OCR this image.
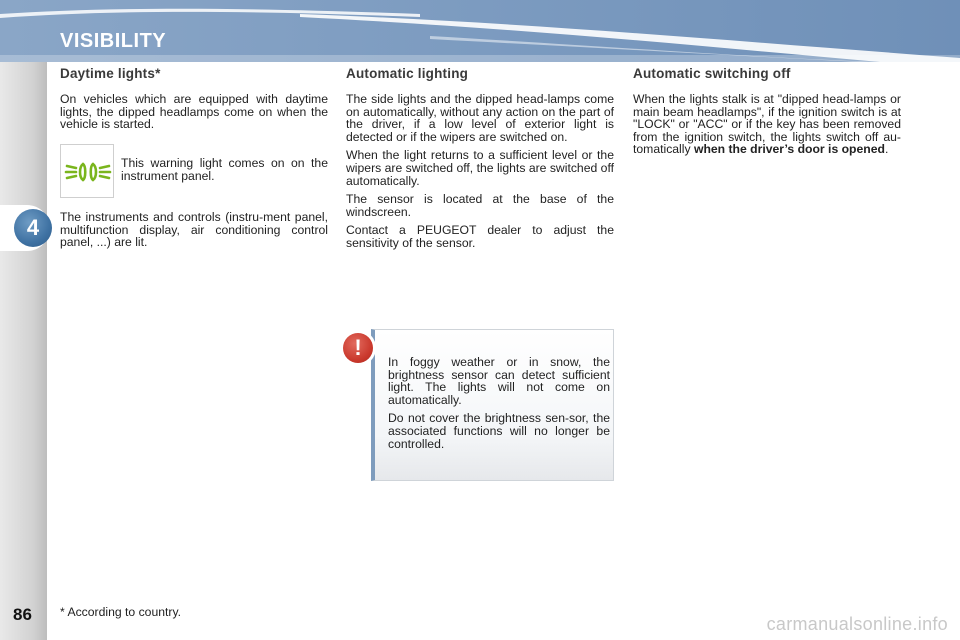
VISIBILITY
4
86
Daytime lights*

On vehicles which are equipped with daytime lights, the dipped headlamps come on when the vehicle is started.

This warning light comes on on the instrument panel.

The instruments and controls (instru-ment panel, multifunction display, air conditioning control panel, ...) are lit.

Automatic lighting

The side lights and the dipped head-lamps come on automatically, without any action on the part of the driver, if a low level of exterior light is detected or if the wipers are switched on.

When the light returns to a sufficient level or the wipers are switched off, the lights are switched off automatically.

The sensor is located at the base of the windscreen.

Contact a PEUGEOT dealer to adjust the sensitivity of the sensor.

Automatic switching off

When the lights stalk is at "dipped head-lamps or main beam headlamps", if the ignition switch is at "LOCK" or "ACC" or if the key has been removed from the ignition switch, the lights switch off au-tomatically when the driver’s door is opened.

In foggy weather or in snow, the brightness sensor can detect sufficient light. The lights will not come on automatically.

Do not cover the brightness sen-sor, the associated functions will no longer be controlled.

!
* According to country.
carmanualsonline.info
